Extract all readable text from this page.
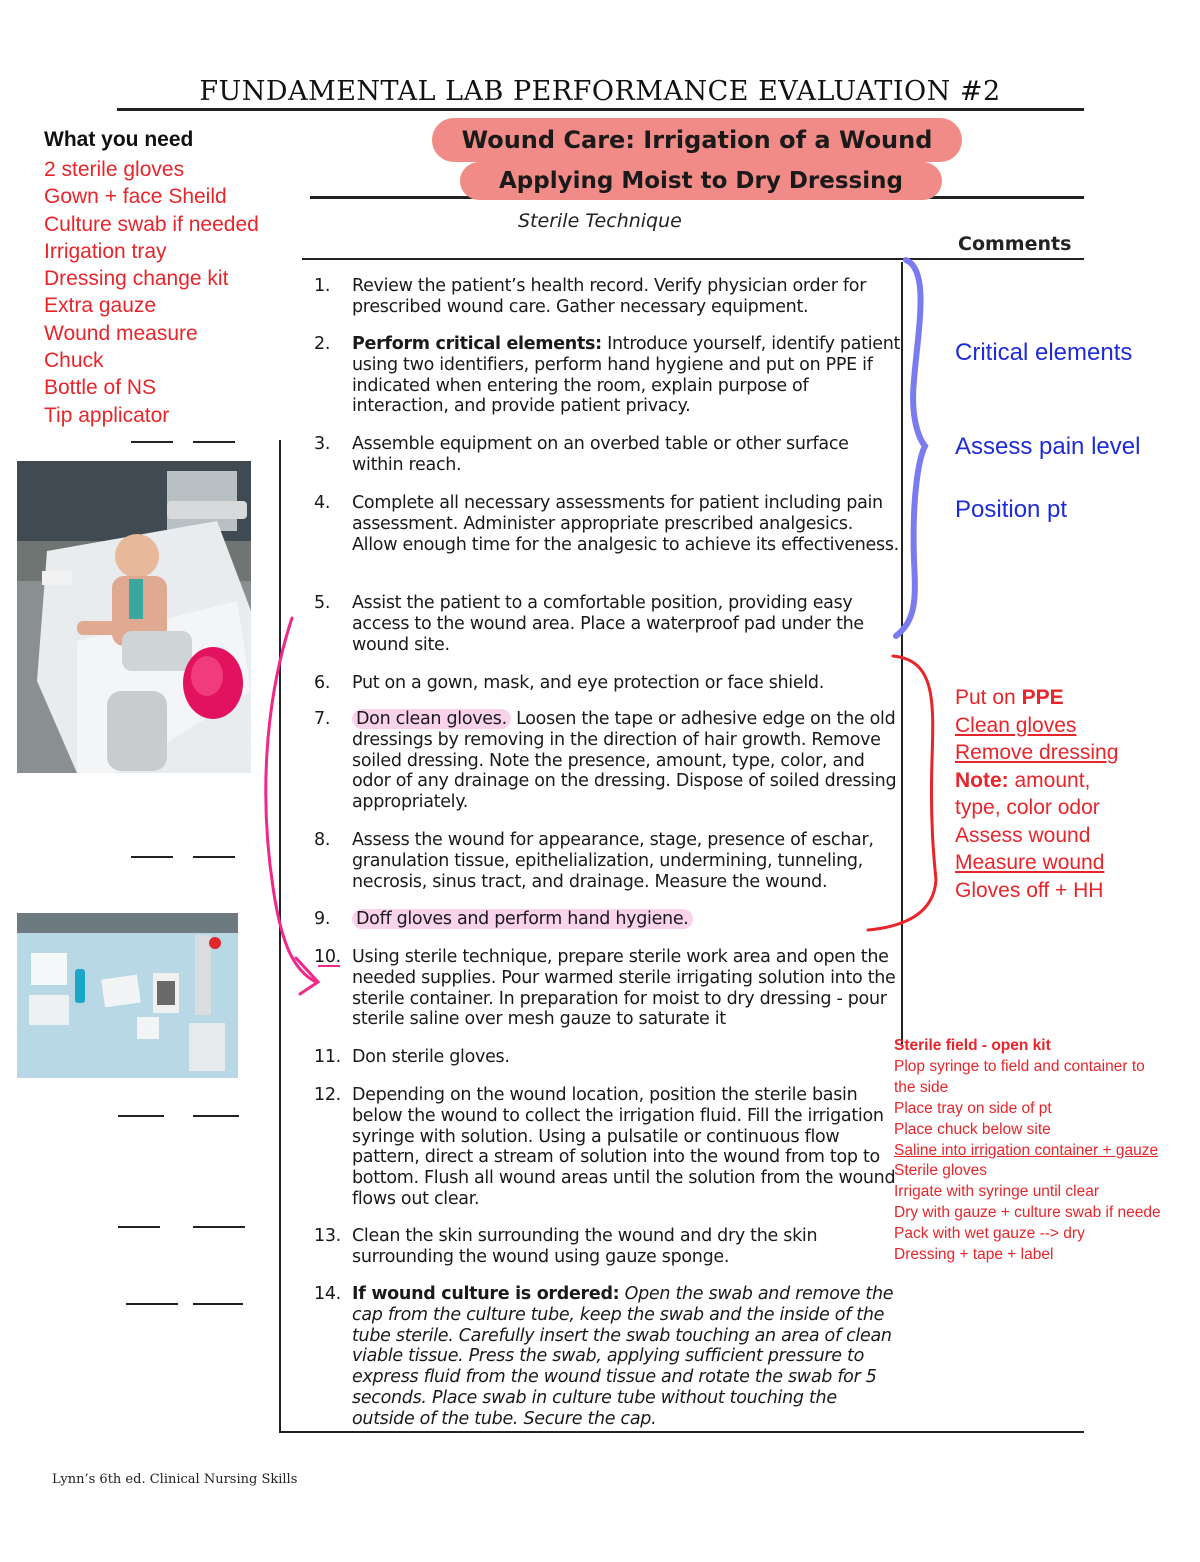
FUNDAMENTAL LAB PERFORMANCE EVALUATION #2
What you need
2 sterile gloves
Gown + face Sheild
Culture swab if needed
Irrigation tray
Dressing change kit
Extra gauze
Wound measure
Chuck
Bottle of NS
Tip applicator
Wound Care: Irrigation of a Wound
Applying Moist to Dry Dressing
Sterile Technique
Comments
1.	Review the patient’s health record. Verify physician order for prescribed wound care. Gather necessary equipment.
2.	Perform critical elements: Introduce yourself, identify patient using two identifiers, perform hand hygiene and put on PPE if indicated when entering the room, explain purpose of interaction, and provide patient privacy.
3.	Assemble equipment on an overbed table or other surface within reach.
4.	Complete all necessary assessments for patient including pain assessment. Administer appropriate prescribed analgesics. Allow enough time for the analgesic to achieve its effectiveness.
5.	Assist the patient to a comfortable position, providing easy access to the wound area. Place a waterproof pad under the wound site.
6.	Put on a gown, mask, and eye protection or face shield.
7.	Don clean gloves. Loosen the tape or adhesive edge on the old dressings by removing in the direction of hair growth. Remove soiled dressing. Note the presence, amount, type, color, and odor of any drainage on the dressing. Dispose of soiled dressing appropriately.
8.	Assess the wound for appearance, stage, presence of eschar, granulation tissue, epithelialization, undermining, tunneling, necrosis, sinus tract, and drainage. Measure the wound.
9.	Doff gloves and perform hand hygiene.
10. Using sterile technique, prepare sterile work area and open the needed supplies. Pour warmed sterile irrigating solution into the sterile container. In preparation for moist to dry dressing - pour sterile saline over mesh gauze to saturate it
11. Don sterile gloves.
12. Depending on the wound location, position the sterile basin below the wound to collect the irrigation fluid. Fill the irrigation syringe with solution. Using a pulsatile or continuous flow pattern, direct a stream of solution into the wound from top to bottom. Flush all wound areas until the solution from the wound flows out clear.
13. Clean the skin surrounding the wound and dry the skin surrounding the wound using gauze sponge.
14. If wound culture is ordered: Open the swab and remove the cap from the culture tube, keep the swab and the inside of the tube sterile. Carefully insert the swab touching an area of clean viable tissue. Press the swab, applying sufficient pressure to express fluid from the wound tissue and rotate the swab for 5 seconds. Place swab in culture tube without touching the outside of the tube. Secure the cap.
Critical elements
Assess pain level
Position pt
Put on PPE
Clean gloves
Remove dressing
Note: amount,
type, color odor
Assess wound
Measure wound
Gloves off + HH
Sterile field - open kit
Plop syringe to field and container to
the side
Place tray on side of pt
Place chuck below site
Saline into irrigation container + gauze
Sterile gloves
Irrigate with syringe until clear
Dry with gauze + culture swab if neede
Pack with wet gauze --> dry
Dressing + tape + label
Lynn’s 6th ed. Clinical Nursing Skills
